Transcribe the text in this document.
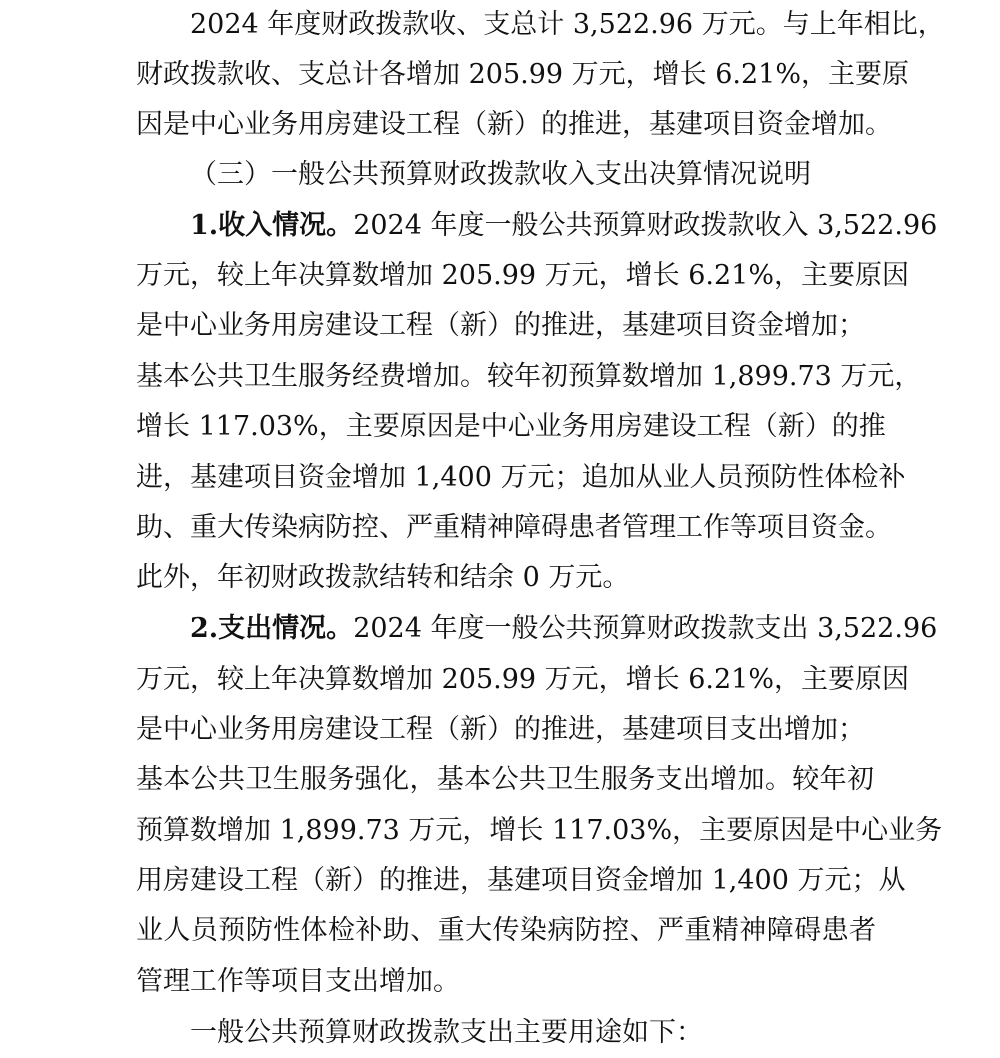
2024 年度财政拨款收、支总计 3,522.96 万元。与上年相比，
财政拨款收、支总计各增加 205.99 万元，增长 6.21%，主要原
因是中心业务用房建设工程（新）的推进，基建项目资金增加。
（三）一般公共预算财政拨款收入支出决算情况说明
1.收入情况。2024 年度一般公共预算财政拨款收入 3,522.96
万元，较上年决算数增加 205.99 万元，增长 6.21%，主要原因
是中心业务用房建设工程（新）的推进，基建项目资金增加；
基本公共卫生服务经费增加。较年初预算数增加 1,899.73 万元，
增长 117.03%，主要原因是中心业务用房建设工程（新）的推
进，基建项目资金增加 1,400 万元；追加从业人员预防性体检补
助、重大传染病防控、严重精神障碍患者管理工作等项目资金。
此外，年初财政拨款结转和结余 0 万元。
2.支出情况。2024 年度一般公共预算财政拨款支出 3,522.96
万元，较上年决算数增加 205.99 万元，增长 6.21%，主要原因
是中心业务用房建设工程（新）的推进，基建项目支出增加；
基本公共卫生服务强化，基本公共卫生服务支出增加。较年初
预算数增加 1,899.73 万元，增长 117.03%，主要原因是中心业务
用房建设工程（新）的推进，基建项目资金增加 1,400 万元；从
业人员预防性体检补助、重大传染病防控、严重精神障碍患者
管理工作等项目支出增加。
一般公共预算财政拨款支出主要用途如下：
